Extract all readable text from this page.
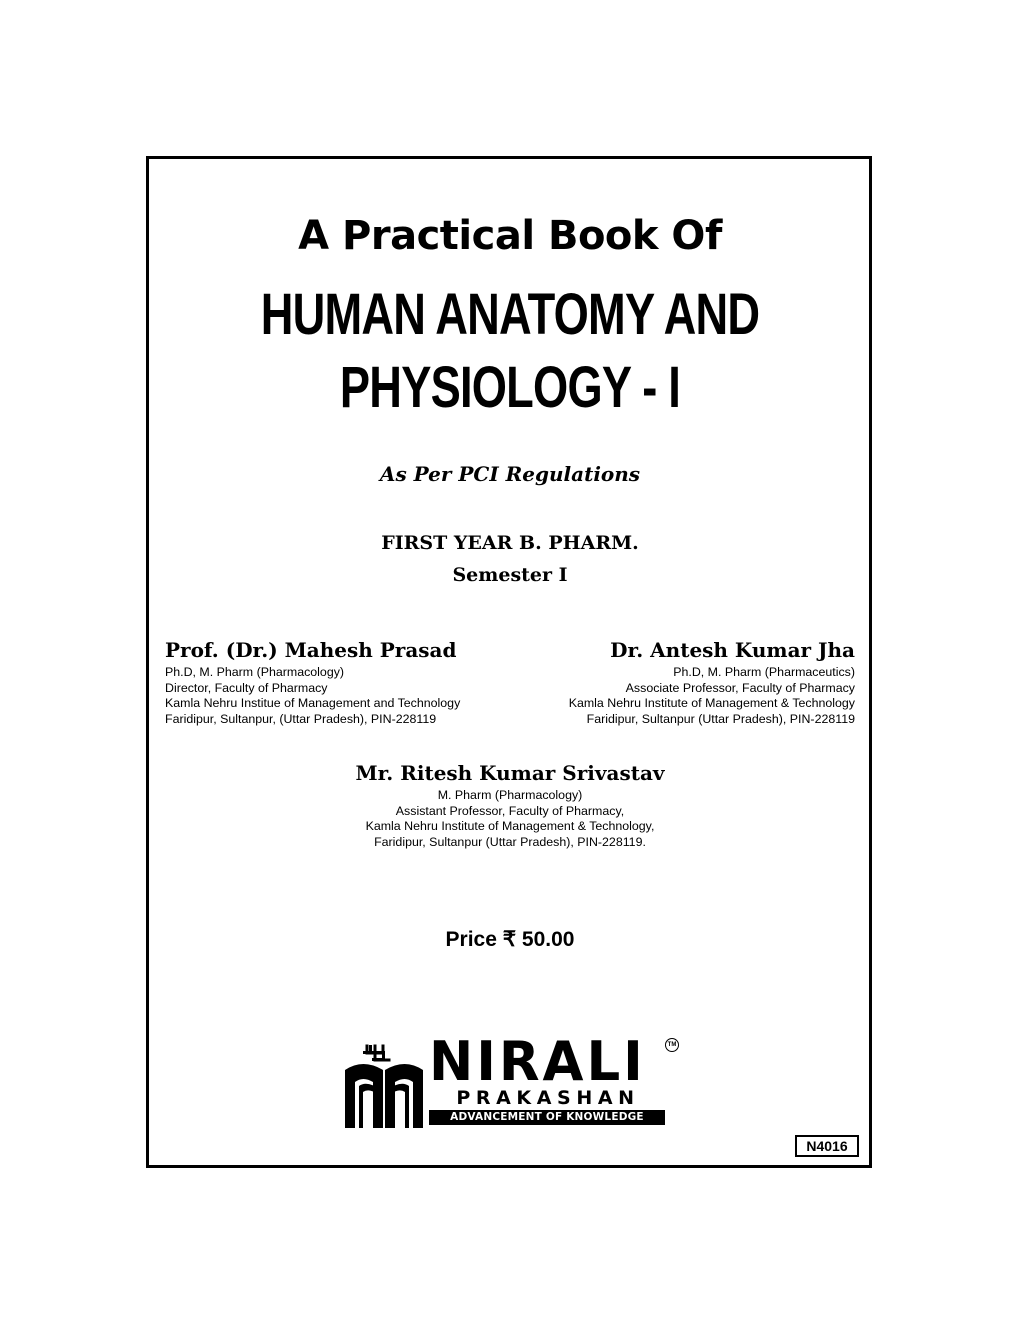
A Practical Book Of
HUMAN ANATOMY AND
PHYSIOLOGY - I
As Per PCI Regulations
FIRST YEAR B. PHARM.
Semester I
Prof. (Dr.) Mahesh Prasad
Ph.D, M. Pharm (Pharmacology)
Director, Faculty of Pharmacy
Kamla Nehru Institue of Management and Technology
Faridipur, Sultanpur, (Uttar Pradesh), PIN-228119
Dr. Antesh Kumar Jha
Ph.D, M. Pharm (Pharmaceutics)
Associate Professor, Faculty of Pharmacy
Kamla Nehru Institute of Management & Technology
Faridipur, Sultanpur (Uttar Pradesh), PIN-228119
Mr. Ritesh Kumar Srivastav
M. Pharm (Pharmacology)
Assistant Professor, Faculty of Pharmacy,
Kamla Nehru Institute of Management & Technology,
Faridipur, Sultanpur (Uttar Pradesh), PIN-228119.
Price ₹ 50.00
NIRALI	TM
PRAKASHAN
ADVANCEMENT OF KNOWLEDGE
N4016
